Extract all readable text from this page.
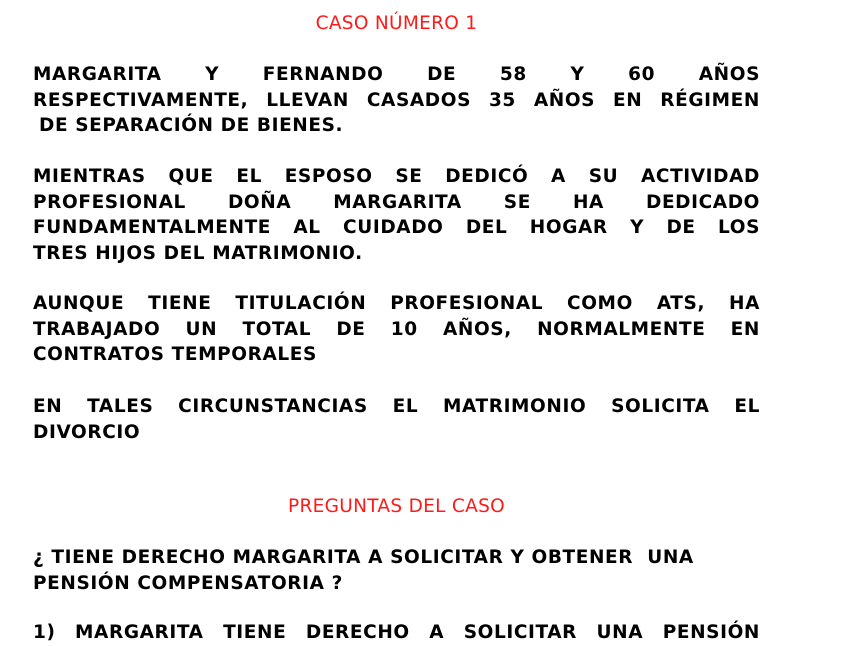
CASO NÚMERO 1
MARGARITA Y FERNANDO DE 58 Y 60 AÑOS
RESPECTIVAMENTE, LLEVAN CASADOS 35 AÑOS EN RÉGIMEN
DE SEPARACIÓN DE BIENES.
MIENTRAS QUE EL ESPOSO SE DEDICÓ A SU ACTIVIDAD
PROFESIONAL DOÑA MARGARITA SE HA DEDICADO
FUNDAMENTALMENTE AL CUIDADO DEL HOGAR Y DE LOS
TRES HIJOS DEL MATRIMONIO.
AUNQUE TIENE TITULACIÓN PROFESIONAL COMO ATS, HA
TRABAJADO UN TOTAL DE 10 AÑOS, NORMALMENTE EN
CONTRATOS TEMPORALES
EN TALES CIRCUNSTANCIAS EL MATRIMONIO SOLICITA EL
DIVORCIO
PREGUNTAS DEL CASO
¿ TIENE DERECHO MARGARITA A SOLICITAR Y OBTENER  UNA
PENSIÓN COMPENSATORIA ?
1) MARGARITA TIENE DERECHO A SOLICITAR UNA PENSIÓN
